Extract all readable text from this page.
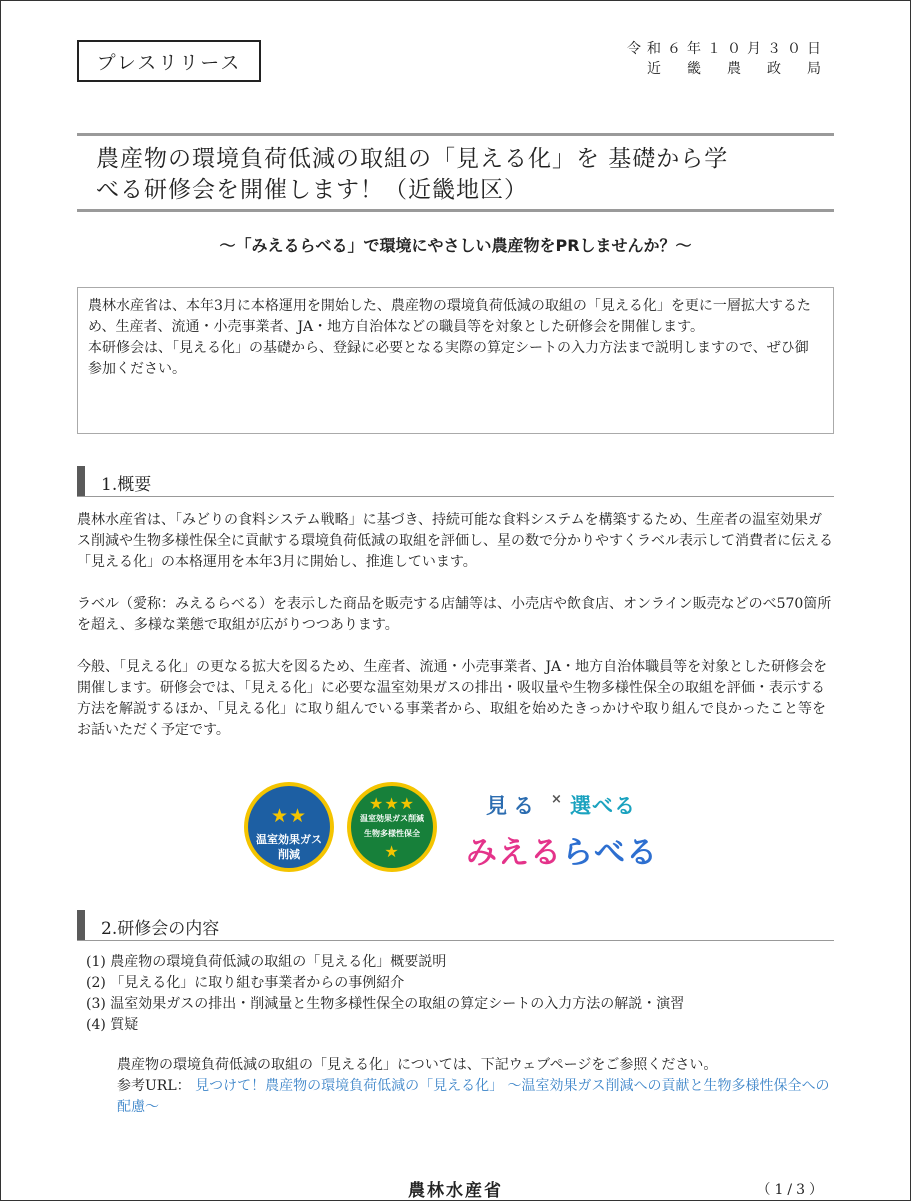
プレスリリース
令和６年１０月３０日
近　畿　農　政　局
農産物の環境負荷低減の取組の「見える化」を 基礎から学
べる研修会を開催します！（近畿地区）
～「みえるらべる」で環境にやさしい農産物をPRしませんか？～
農林水産省は、本年3月に本格運用を開始した、農産物の環境負荷低減の取組の「見える化」を更に一層拡大するため、生産者、流通・小売事業者、JA・地方自治体などの職員等を対象とした研修会を開催します。
本研修会は、「見える化」の基礎から、登録に必要となる実際の算定シートの入力方法まで説明しますので、ぜひ御参加ください。
1.概要
農林水産省は、「みどりの食料システム戦略」に基づき、持続可能な食料システムを構築するため、生産者の温室効果ガス削減や生物多様性保全に貢献する環境負荷低減の取組を評価し、星の数で分かりやすくラベル表示して消費者に伝える「見える化」の本格運用を本年3月に開始し、推進しています。
ラベル（愛称：みえるらべる）を表示した商品を販売する店舗等は、小売店や飲食店、オンライン販売などのべ570箇所を超え、多様な業態で取組が広がりつつあります。
今般、「見える化」の更なる拡大を図るため、生産者、流通・小売事業者、JA・地方自治体職員等を対象とした研修会を開催します。研修会では、「見える化」に必要な温室効果ガスの排出・吸収量や生物多様性保全の取組を評価・表示する方法を解説するほか、「見える化」に取り組んでいる事業者から、取組を始めたきっかけや取り組んで良かったこと等をお話いただく予定です。
★★
温室効果ガス
削減
★★★
温室効果ガス削減
生物多様性保全
★
見る × 選べる
みえるらべる
2.研修会の内容
(1) 農産物の環境負荷低減の取組の「見える化」概要説明
(2) 「見える化」に取り組む事業者からの事例紹介
(3) 温室効果ガスの排出・削減量と生物多様性保全の取組の算定シートの入力方法の解説・演習
(4) 質疑
農産物の環境負荷低減の取組の「見える化」については、下記ウェブページをご参照ください。
参考URL： 見つけて！農産物の環境負荷低減の「見える化」 ～温室効果ガス削減への貢献と生物多様性保全への配慮～
農林水産省	（1/3）
